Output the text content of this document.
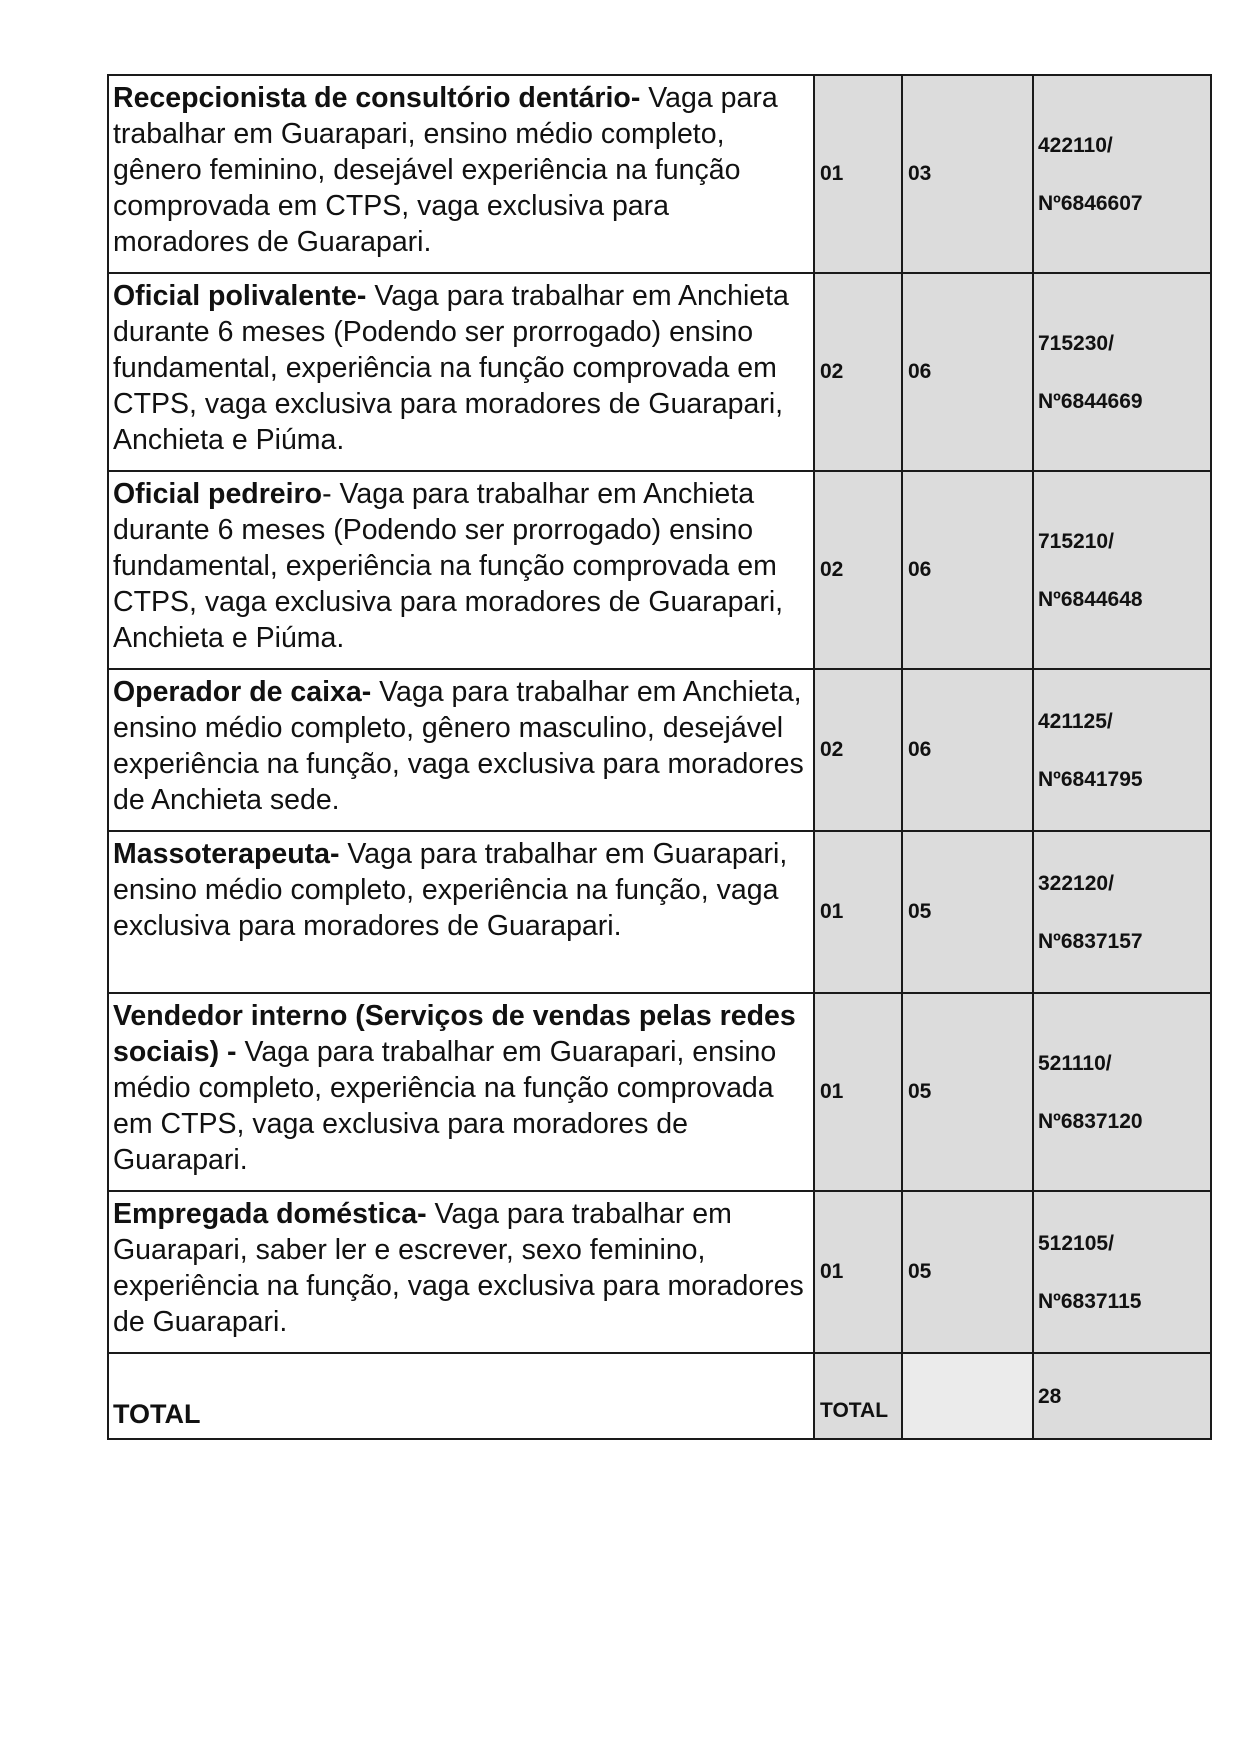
Recepcionista de consultório dentário- Vaga para trabalhar em Guarapari, ensino médio completo, gênero feminino, desejável experiência na função comprovada em CTPS, vaga exclusiva para moradores de Guarapari.	01	03	422110/
Nº6846607

Oficial polivalente- Vaga para trabalhar em Anchieta durante 6 meses (Podendo ser prorrogado) ensino fundamental, experiência na função comprovada em CTPS, vaga exclusiva para moradores de Guarapari, Anchieta e Piúma.	02	06	715230/
Nº6844669

Oficial pedreiro- Vaga para trabalhar em Anchieta durante 6 meses (Podendo ser prorrogado) ensino fundamental, experiência na função comprovada em CTPS, vaga exclusiva para moradores de Guarapari, Anchieta e Piúma.	02	06	715210/
Nº6844648

Operador de caixa- Vaga para trabalhar em Anchieta, ensino médio completo, gênero masculino, desejável experiência na função, vaga exclusiva para moradores de Anchieta sede.	02	06	421125/
Nº6841795

Massoterapeuta- Vaga para trabalhar em Guarapari, ensino médio completo, experiência na função, vaga exclusiva para moradores de Guarapari.	01	05	322120/
Nº6837157

Vendedor interno (Serviços de vendas pelas redes sociais) - Vaga para trabalhar em Guarapari, ensino médio completo, experiência na função comprovada em CTPS, vaga exclusiva para moradores de Guarapari.	01	05	521110/
Nº6837120

Empregada doméstica- Vaga para trabalhar em Guarapari, saber ler e escrever, sexo feminino, experiência na função, vaga exclusiva para moradores de Guarapari.	01	05	512105/
Nº6837115

TOTAL	TOTAL		28
